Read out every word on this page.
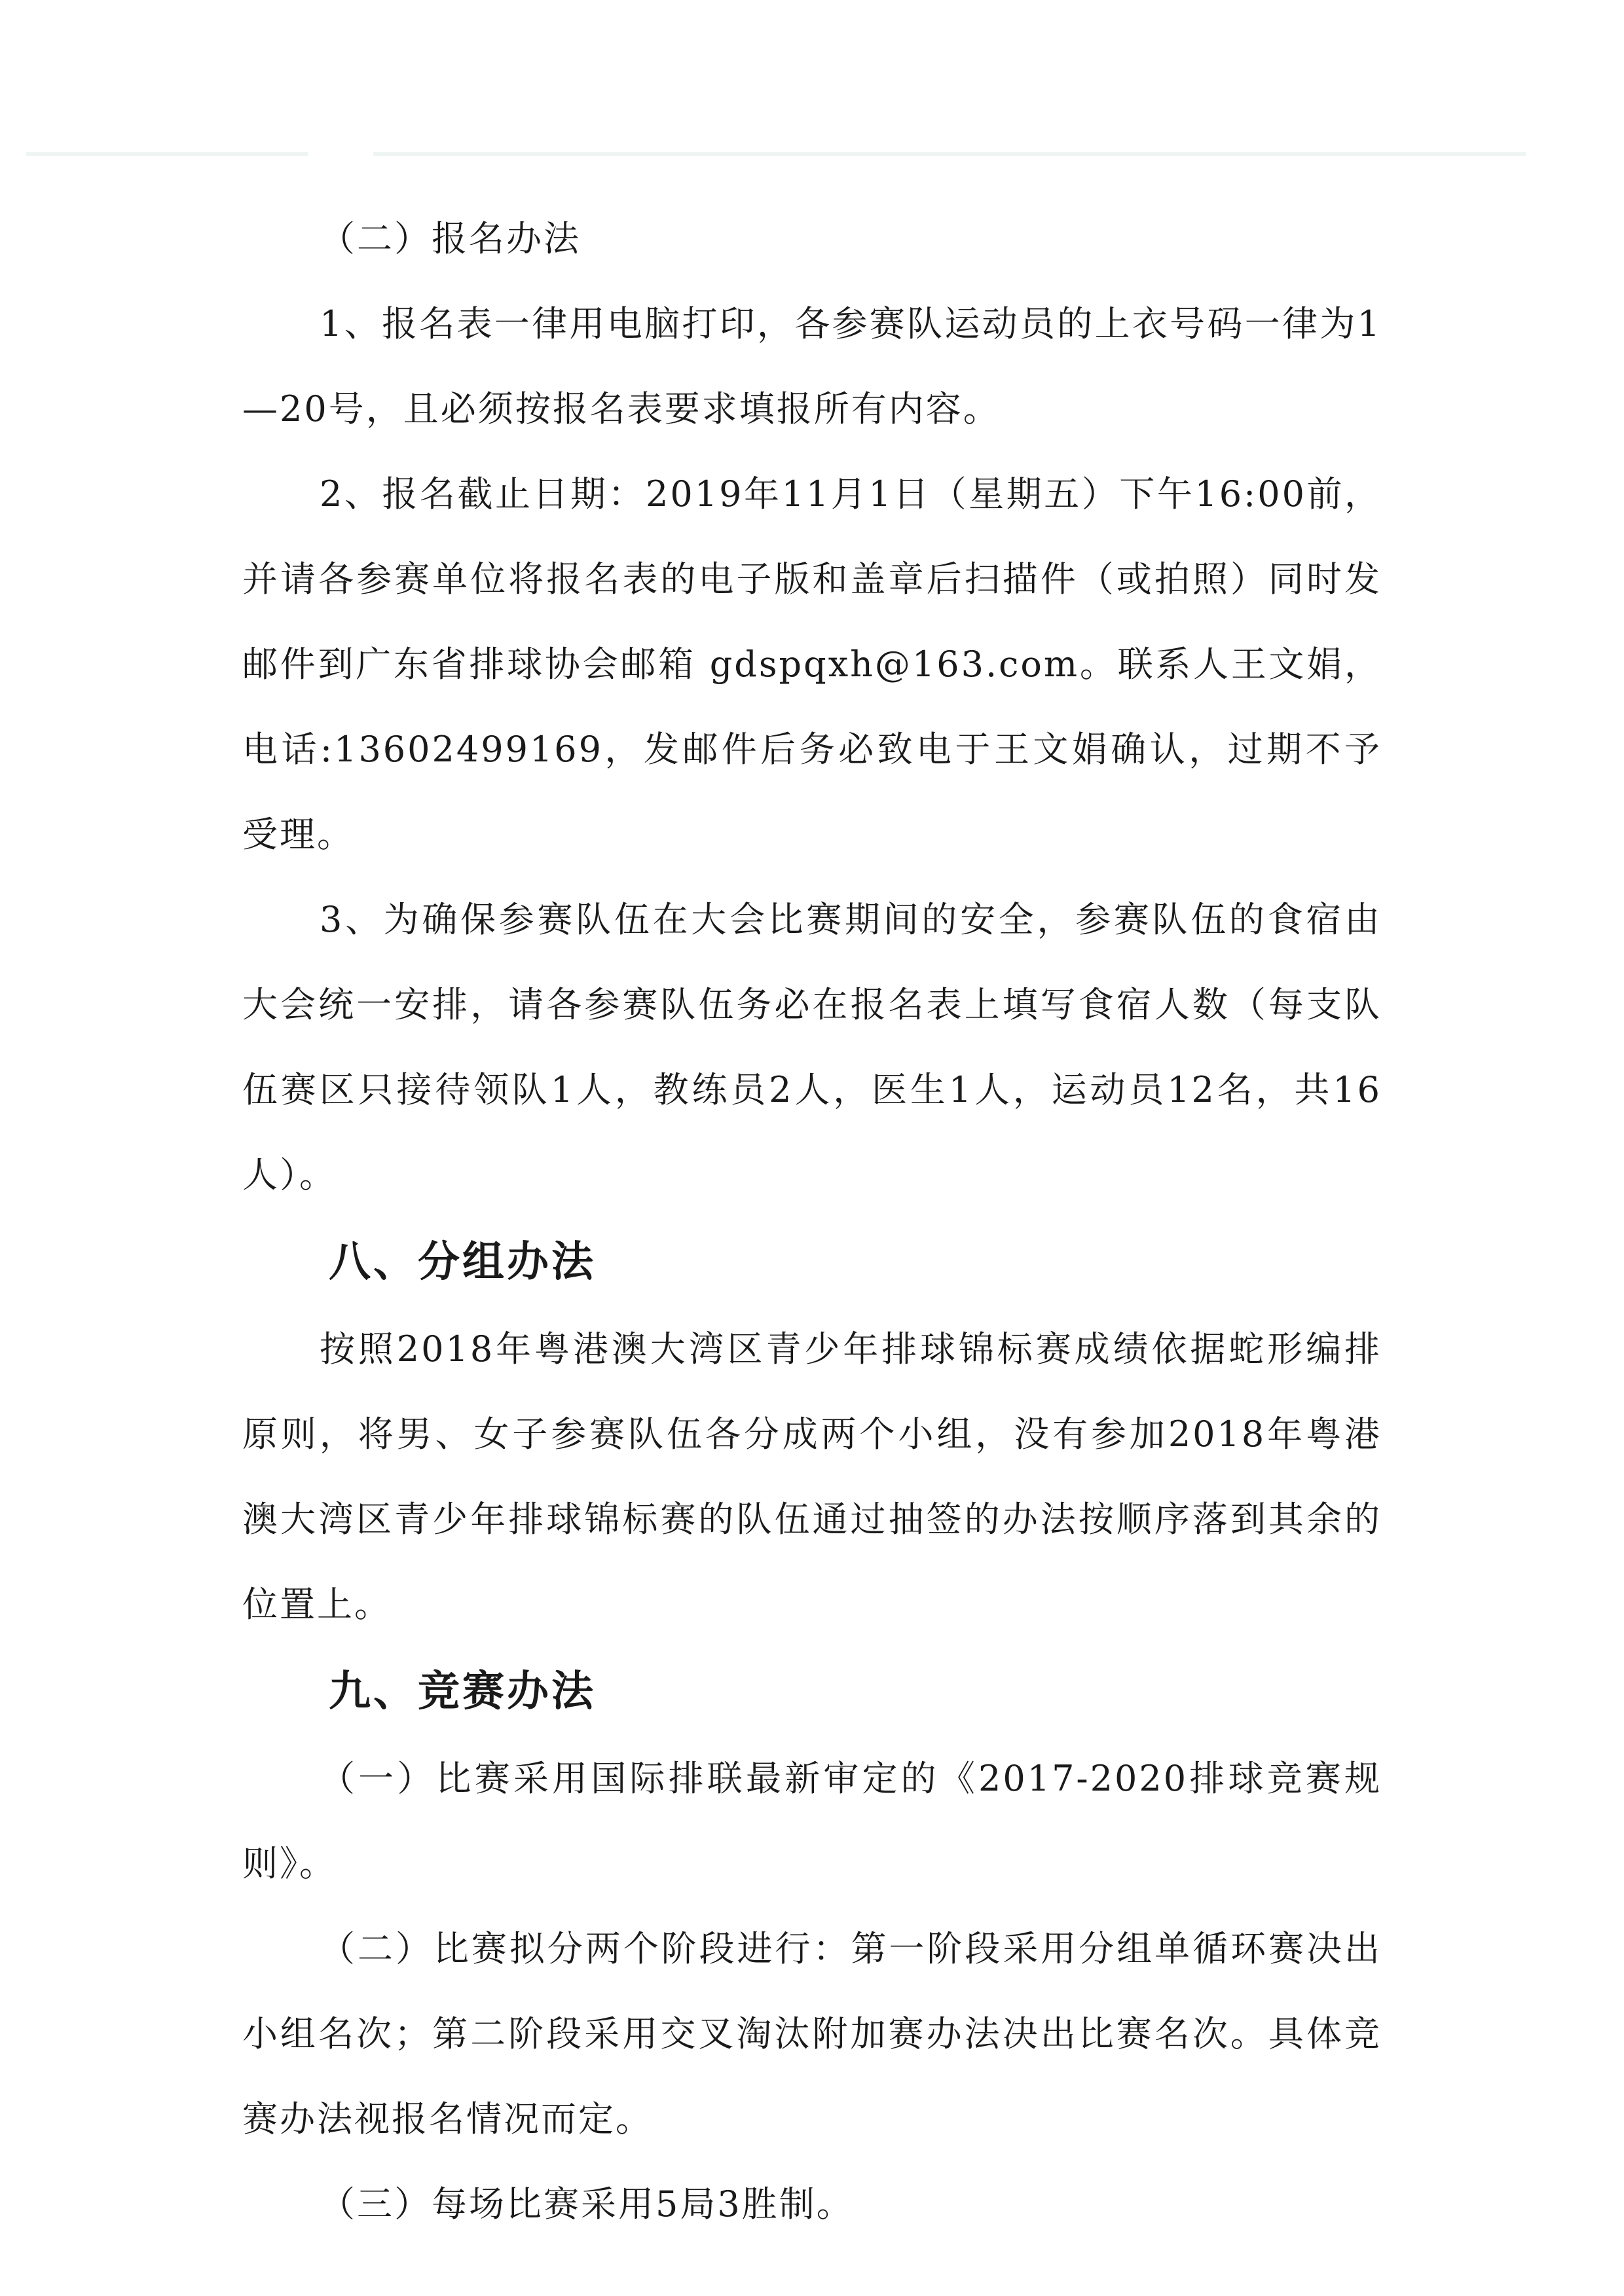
（二）报名办法

1、报名表一律用电脑打印，各参赛队运动员的上衣号码一律为1—20号，且必须按报名表要求填报所有内容。

2、报名截止日期：2019年11月1日（星期五）下午16:00前，并请各参赛单位将报名表的电子版和盖章后扫描件（或拍照）同时发邮件到广东省排球协会邮箱 gdspqxh@163.com。联系人王文娟，电话:13602499169，发邮件后务必致电于王文娟确认，过期不予受理。

3、为确保参赛队伍在大会比赛期间的安全，参赛队伍的食宿由大会统一安排，请各参赛队伍务必在报名表上填写食宿人数（每支队伍赛区只接待领队1人，教练员2人，医生1人，运动员12名，共16人）。

八、分组办法

按照2018年粤港澳大湾区青少年排球锦标赛成绩依据蛇形编排原则，将男、女子参赛队伍各分成两个小组，没有参加2018年粤港澳大湾区青少年排球锦标赛的队伍通过抽签的办法按顺序落到其余的位置上。

九、竞赛办法

（一）比赛采用国际排联最新审定的《2017-2020排球竞赛规则》。

（二）比赛拟分两个阶段进行：第一阶段采用分组单循环赛决出小组名次；第二阶段采用交叉淘汰附加赛办法决出比赛名次。具体竞赛办法视报名情况而定。

（三）每场比赛采用5局3胜制。
